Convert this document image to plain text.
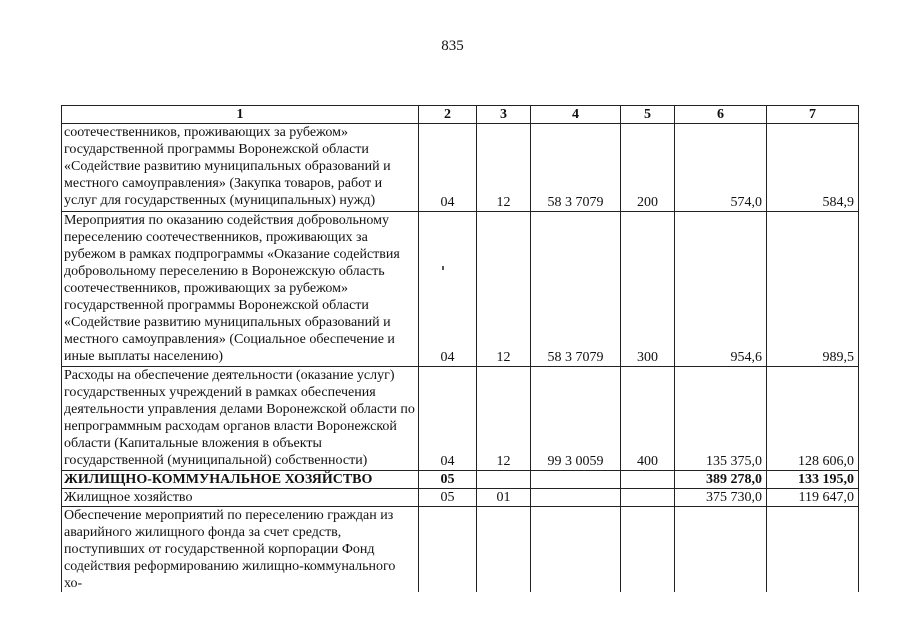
835
1	2	3	4	5	6	7
соотечественников, проживающих за рубежом» государственной программы Воронежской области «Содействие развитию муниципальных образований и местного самоуправления» (Закупка товаров, работ и услуг для государственных (муниципальных) нужд)	04	12	58 3 7079	200	574,0	584,9
Мероприятия по оказанию содействия добровольному переселению соотечественников, проживающих за рубежом в рамках подпрограммы «Оказание содействия добровольному переселению в Воронежскую область соотечественников, проживающих за рубежом» государственной программы Воронежской области «Содействие развитию муниципальных образований и местного самоуправления» (Социальное обеспечение и иные выплаты населению)	04	12	58 3 7079	300	954,6	989,5
Расходы на обеспечение деятельности (оказание услуг) государственных учреждений в рамках обеспечения деятельности управления делами Воронежской области по непрограммным расходам органов власти Воронежской области (Капитальные вложения в объекты государственной (муниципальной) собственности)	04	12	99 3 0059	400	135 375,0	128 606,0
ЖИЛИЩНО-КОММУНАЛЬНОЕ ХОЗЯЙСТВО	05				389 278,0	133 195,0
Жилищное хозяйство	05	01			375 730,0	119 647,0
Обеспечение мероприятий по переселению граждан из аварийного жилищного фонда за счет средств, поступивших от государственной корпорации Фонд содействия реформированию жилищно-коммунального хо-						
